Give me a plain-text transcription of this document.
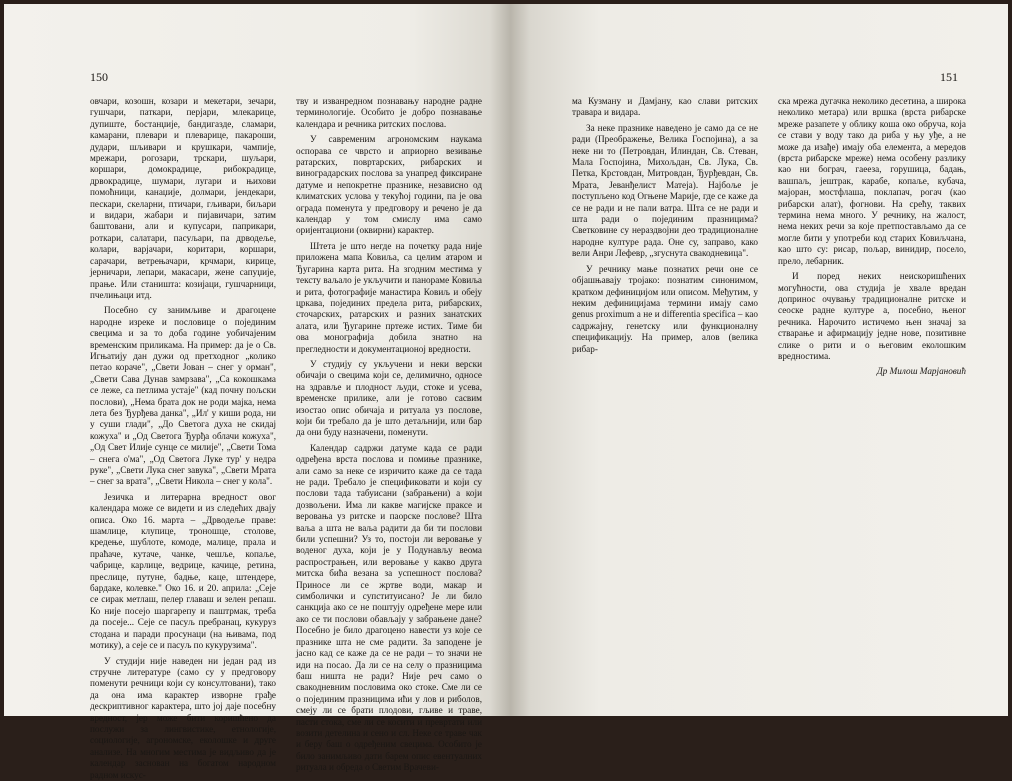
150

овчари, козошн, козари и мекетари, зечари, гушчари, паткари, перјари, млекарице, дупиште, бостанџије, бандигазде, сламари, камарани, плевари и плеварице, пакароши, дудари, шљивари и крушкари, чампије, мрежари, рогозари, трскари, шуљари, коршари, домокрадице, рибокрадице, дрвокрадице, шумари, лугари и њихови помоћници, канаџије, долмари, јендекари, пескари, скеларни, птичари, гљивари, биљари и видари, жабари и пијавичари, затим баштовани, али и купусари, паприкари, роткари, салатари, пасуљари, па дрводеље, колари, варјачари, коритари, коршари, сарачари, ветрењачари, крчмари, кирице, јерничари, лепари, макасари, жене сапуџије, прање. Или станишта: козијаци, гушчарници, пчелињаци итд.

Посебно су занимљиве и драгоцене народне изреке и пословице о појединим свецима и за то доба године уобичајеним временским приликама. На пример: да је о Св. Игњатију дан дужи од претходног „колико петао кораче", „Свети Јован – снег у орман", „Свети Сава Дунав замрзава", „Са кокошкама се леже, са петлима устаје" (кад почну пољски послови), „Нема брата док не роди мајка, нема лета без Ђурђева данка", „Ил' у киши рода, ни у суши глади", „До Светога духа не скидај кожуха" и „Од Светога Ђурђа облачи кожуха", „Од Свет Илије сунце се милије", „Свети Тома – снега о'ма", „Од Светога Луке тур' у недра руке", „Свети Лука снег завука", „Свети Мрата – снег за врата", „Свети Никола – снег у кола".

Језичка и литерарна вредност овог календара може се видети и из следећих двају описа. Око 16. марта – „Дрводеље праве: шамлице, клупице, троношце, столове, кредење, шублоте, комоде, малице, прала и праћаче, кутаче, чанке, чешље, копаље, чабрице, карлице, ведрице, качице, ретина, преслице, путуне, бадње, каце, штендере, бардаке, колевке." Око 16. и 20. априла: „Сеје се сирак метлаш, пелер главаш и зелен репаш. Ко није посејо шаргарепу и паштрмак, треба да посеје... Сеје се пасуљ пребранац, кукуруз стодана и паради просунаци (на њивама, под мотику), а сеје се и пасуљ по кукурузима".

У студији није наведен ни један рад из стручне литературе (само су у предговору поменути речници који су консултовани), тако да она има карактер изворне грађе дескриптивног карактера, што јој даје посебну вредност, јер може бити коришћено да послужи за лингвистике, етнологије, социологије, агрономске, еколошке и друге анализе. На многим местима је видљиво да је календар заснован на богатом народном радном искус-

тву и изванредном познавању народне радне терминологије. Особито је добро познавање календара и речника ритских послова.

У савременим агрономским наукама оспорава се чврсто и априорно везивање ратарских, повртарских, рибарских и виноградарских послова за унапред фиксиране датуме и непокретне празнике, независно од климатских услова у текућој години, па је ова ограда поменута у предговору и речено је да календар у том смислу има само оријентациони (оквирни) карактер.

Штета је што негде на почетку рада није приложена мапа Ковиља, са целим атаром и Ђугарина карта рита. На згодним местима у тексту ваљало је укључити и панораме Ковиља и рита, фотографије манастира Ковиљ и обеју цркава, појединих предела рита, рибарских, сточарских, ратарских и разних занатских алата, или Ђугарине пртеже истих. Тиме би ова монографија добила знатно на прегледности и документационој вредности.

У студију су укључени и неки верски обичаји о свецима који се, делимично, односе на здравље и плодност људи, стоке и усева, временске прилике, али је готово сасвим изостао опис обичаја и ритуала уз послове, који би требало да је што детаљнији, или бар да они буду назначени, поменути.

Календар садржи датуме када се ради одређена врста послова и помиње празнике, али само за неке се изричито каже да се тада не ради. Требало је спецификовати и који су послови тада табуисани (забрањени) а који дозвољени. Има ли какве магијске праксе и веровања уз ритске и паорске послове? Шта ваља а шта не ваља радити да би ти послови били успешни? Уз то, постоји ли веровање у воденог духа, који је у Подунављу веома распрострањен, или веровање у какво друга митска бића везана за успешност послова? Приносе ли се жртве води, макар и симболички и супституисано? Је ли било санкција ако се не поштују одређене мере или ако се ти послови обављају у забрањене дане? Посебно је било драгоцено навести уз које се празнике шта не сме радити. За заподене је јасно кад се каже да се не ради – то значи не иди на посао. Да ли се на селу о празницима баш ништа не ради? Није реч само о свакодневним пословима око стоке. Сме ли се о појединим празницима ићи у лов и риболов, смеју ли се брати плодови, гљиве и траве, пасти стока, сме ли се косити и превртати или возити детелина и сено и сл. Неке се траве чак и беру баш о одређеним свецима. Особито је било занимљиво дати барем опис евентуалних ритуала и обреда о Светим Врачеви-

151

ма Кузману и Дамјану, као слави ритских травара и видара.

За неке празнике наведено је само да се не ради (Преображење, Велика Госпојина), а за неке ни то (Петровдан, Илиндан, Св. Стеван, Мала Госпојина, Михољдан, Св. Лука, Св. Петка, Крстовдан, Митровдан, Ђурђевдан, Св. Мрата, Јеванђелист Матеја). Најбоље је поступљено код Огњене Марије, где се каже да се не ради и не пали ватра. Шта се не ради и шта ради о појединим празницима? Светковине су нераздвојни део традиционалне народне културе рада. Оне су, заправо, како вели Анри Лефевр, „згуснута свакодневица".

У речнику мање познатих речи оне се објашњавају тројако: познатим синонимом, кратком дефиницијом или описом. Међутим, у неким дефиницијама термини имају само genus proximum а не и differentia specifica – као садржајну, генетску или функционалну спецификацију. На пример, алов (велика рибар-

ска мрежа дугачка неколико десетина, а широка неколико метара) или вршка (врста рибарске мреже разапете у облику коша око обруча, која се стави у воду тако да риба у њу уђе, а не може да изађе) имају оба елемента, а мередов (врста рибарске мреже) нема особену разлику као ни бограч, гаееза, горушица, бадањ, вашпаљ, јештрак, карабе, копаље, кубача, мајоран, мостфлаша, поклапач, рогач (као рибарски алат), фогнови. На срећу, таквих термина нема много. У речнику, на жалост, нема неких речи за које претпостављамо да се могле бити у употреби код старих Ковиљчана, као што су: рисар, пољар, винидир, посело, прело, лебарник.

И поред неких неискоришћених могућности, ова студија је хвале вредан допринос очувању традиционалне ритске и сеоске радне културе а, посебно, њеног речника. Нарочито истичемо њен значај за стварање и афирмацију једне нове, позитивне слике о рити и о његовим еколошким вредностима.

Др Милош Марјановић
